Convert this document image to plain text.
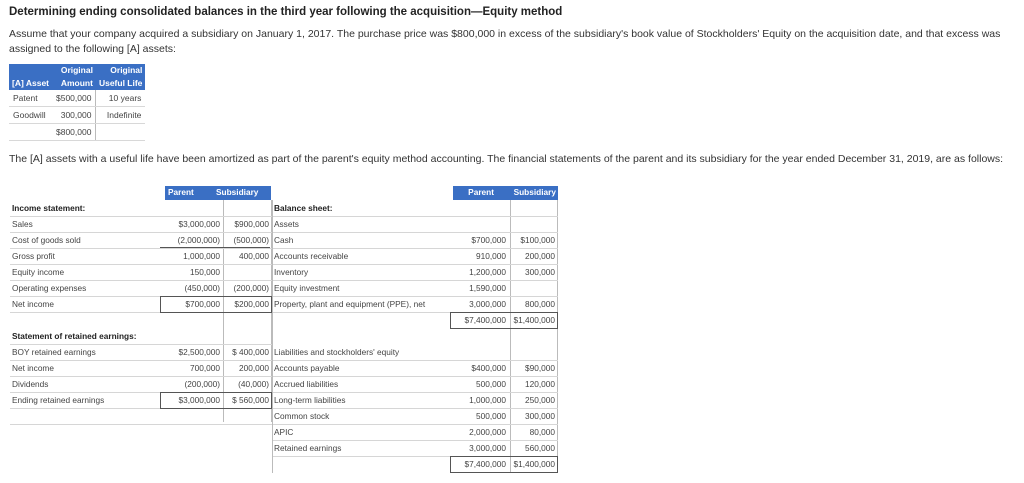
Determining ending consolidated balances in the third year following the acquisition—Equity method
Assume that your company acquired a subsidiary on January 1, 2017. The purchase price was $800,000 in excess of the subsidiary's book value of Stockholders' Equity on the acquisition date, and that excess was assigned to the following [A] assets:
	Original	Original
[A] Asset	Amount	Useful Life
Patent	$500,000	10 years
Goodwill	300,000	Indefinite
	$800,000	
The [A] assets with a useful life have been amortized as part of the parent's equity method accounting. The financial statements of the parent and its subsidiary for the year ended December 31, 2019, are as follows:
Parent	Subsidiary	Parent	Subsidiary
Income statement:
Sales	$3,000,000	$900,000
Cost of goods sold	(2,000,000)	(500,000)
Gross profit	1,000,000	400,000
Equity income	150,000
Operating expenses	(450,000)	(200,000)
Net income	$700,000	$200,000
Statement of retained earnings:
BOY retained earnings	$2,500,000	$ 400,000
Net income	700,000	200,000
Dividends	(200,000)	(40,000)
Ending retained earnings	$3,000,000	$ 560,000
Balance sheet:
Assets
Cash	$700,000	$100,000
Accounts receivable	910,000	200,000
Inventory	1,200,000	300,000
Equity investment	1,590,000
Property, plant and equipment (PPE), net	3,000,000	800,000
$7,400,000 $1,400,000
Liabilities and stockholders' equity
Accounts payable	$400,000	$90,000
Accrued liabilities	500,000	120,000
Long-term liabilities	1,000,000	250,000
Common stock	500,000	300,000
APIC	2,000,000	80,000
Retained earnings	3,000,000	560,000
$7,400,000 $1,400,000
